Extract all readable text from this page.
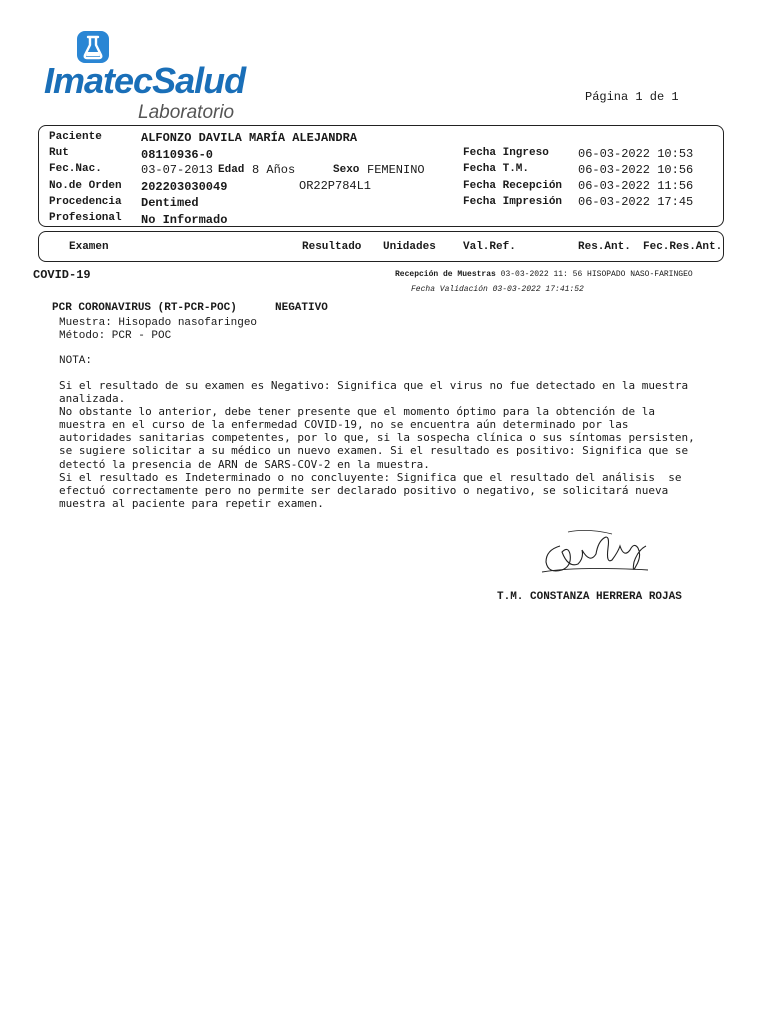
ImatecSalud
Laboratorio
Página 1 de 1
Paciente	ALFONZO DAVILA MARÍA ALEJANDRA
Rut	08110936-0
Fec.Nac.	03-07-2013 Edad 8 Años	Sexo FEMENINO
No.de Orden 202203030049	OR22P784L1
Procedencia Dentimed
Profesional No Informado
Fecha Ingreso 06-03-2022 10:53
Fecha T.M.	06-03-2022 10:56
Fecha Recepción 06-03-2022 11:56
Fecha Impresión 06-03-2022 17:45
Examen	Resultado Unidades Val.Ref.	Res.Ant. Fec.Res.Ant.
COVID-19	Recepción de Muestras 03-03-2022 11: 56 HISOPADO NASO-FARINGEO
Fecha Validación 03-03-2022 17:41:52
PCR CORONAVIRUS (RT-PCR-POC)	NEGATIVO
Muestra: Hisopado nasofaringeo
Método: PCR - POC
NOTA:
Si el resultado de su examen es Negativo: Significa que el virus no fue detectado en la muestra
analizada.
No obstante lo anterior, debe tener presente que el momento óptimo para la obtención de la
muestra en el curso de la enfermedad COVID-19, no se encuentra aún determinado por las
autoridades sanitarias competentes, por lo que, si la sospecha clínica o sus síntomas persisten,
se sugiere solicitar a su médico un nuevo examen. Si el resultado es positivo: Significa que se
detectó la presencia de ARN de SARS-COV-2 en la muestra.
Si el resultado es Indeterminado o no concluyente: Significa que el resultado del análisis  se
efectuó correctamente pero no permite ser declarado positivo o negativo, se solicitará nueva
muestra al paciente para repetir examen.
T.M. CONSTANZA HERRERA ROJAS
